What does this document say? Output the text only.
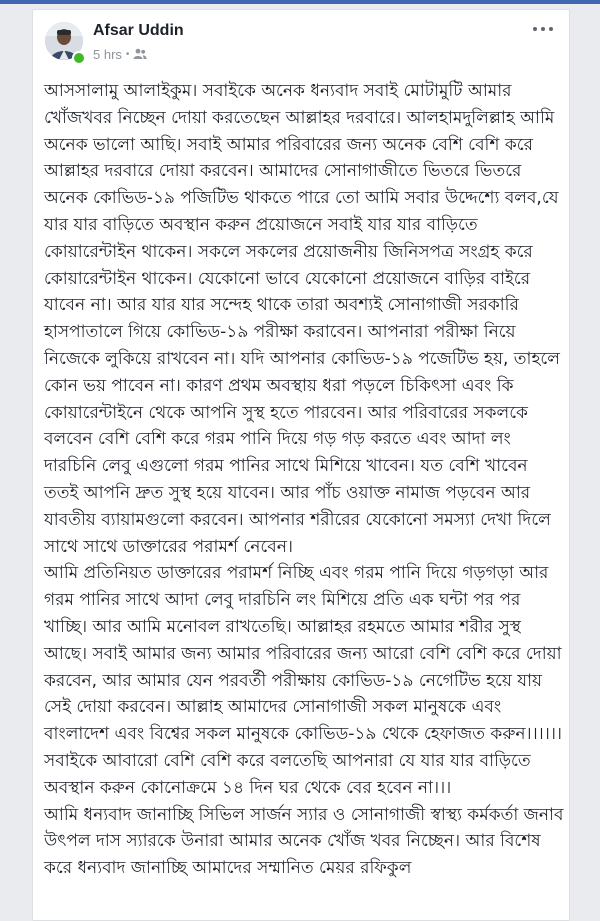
Afsar Uddin
5 hrs •

আসসালামু আলাইকুম। সবাইকে অনেক ধন্যবাদ সবাই মোটামুটি আমার খোঁজখবর নিচ্ছেন দোয়া করতেছেন আল্লাহর দরবারে। আলহামদুলিল্লাহ আমি অনেক ভালো আছি। সবাই আমার পরিবারের জন্য অনেক বেশি বেশি করে আল্লাহর দরবারে দোয়া করবেন। আমাদের সোনাগাজীতে ভিতরে ভিতরে অনেক কোভিড-১৯ পজিটিভ থাকতে পারে তো আমি সবার উদ্দেশ্যে বলব,যে যার যার বাড়িতে অবস্থান করুন প্রয়োজনে সবাই যার যার বাড়িতে কোয়ারেন্টাইন থাকেন। সকলে সকলের প্রয়োজনীয় জিনিসপত্র সংগ্রহ করে কোয়ারেন্টাইন থাকেন। যেকোনো ভাবে যেকোনো প্রয়োজনে বাড়ির বাইরে যাবেন না। আর যার যার সন্দেহ থাকে তারা অবশ্যই সোনাগাজী সরকারি হাসপাতালে গিয়ে কোভিড-১৯ পরীক্ষা করাবেন। আপনারা পরীক্ষা নিয়ে নিজেকে লুকিয়ে রাখবেন না। যদি আপনার কোভিড-১৯ পজেটিভ হয়, তাহলে কোন ভয় পাবেন না। কারণ প্রথম অবস্থায় ধরা পড়লে চিকিৎসা এবং কি কোয়ারেন্টাইনে থেকে আপনি সুস্থ হতে পারবেন। আর পরিবারের সকলকে বলবেন বেশি বেশি করে গরম পানি দিয়ে গড় গড় করতে এবং আদা লং দারচিনি লেবু এগুলো গরম পানির সাথে মিশিয়ে খাবেন। যত বেশি খাবেন ততই আপনি দ্রুত সুস্থ হয়ে যাবেন। আর পাঁচ ওয়াক্ত নামাজ পড়বেন আর যাবতীয় ব্যায়ামগুলো করবেন। আপনার শরীরের যেকোনো সমস্যা দেখা দিলে সাথে সাথে ডাক্তারের পরামর্শ নেবেন।

আমি প্রতিনিয়ত ডাক্তারের পরামর্শ নিচ্ছি এবং গরম পানি দিয়ে গড়গড়া আর গরম পানির সাথে আদা লেবু দারচিনি লং মিশিয়ে প্রতি এক ঘন্টা পর পর খাচ্ছি। আর আমি মনোবল রাখতেছি। আল্লাহর রহমতে আমার শরীর সুস্থ আছে। সবাই আমার জন্য আমার পরিবারের জন্য আরো বেশি বেশি করে দোয়া করবেন, আর আমার যেন পরবর্তী পরীক্ষায় কোভিড-১৯ নেগেটিভ হয়ে যায় সেই দোয়া করবেন। আল্লাহ আমাদের সোনাগাজী সকল মানুষকে এবং বাংলাদেশ এবং বিশ্বের সকল মানুষকে কোভিড-১৯ থেকে হেফাজত করুন।।।।।। সবাইকে আবারো বেশি বেশি করে বলতেছি আপনারা যে যার যার বাড়িতে অবস্থান করুন কোনোক্রমে ১৪ দিন ঘর থেকে বের হবেন না।।।

আমি ধন্যবাদ জানাচ্ছি সিভিল সার্জন স্যার ও সোনাগাজী স্বাস্থ্য কর্মকর্তা জনাব উৎপল দাস স্যারকে উনারা আমার অনেক খোঁজ খবর নিচ্ছেন। আর বিশেষ করে ধন্যবাদ জানাচ্ছি আমাদের সম্মানিত মেয়র রফিকুল
